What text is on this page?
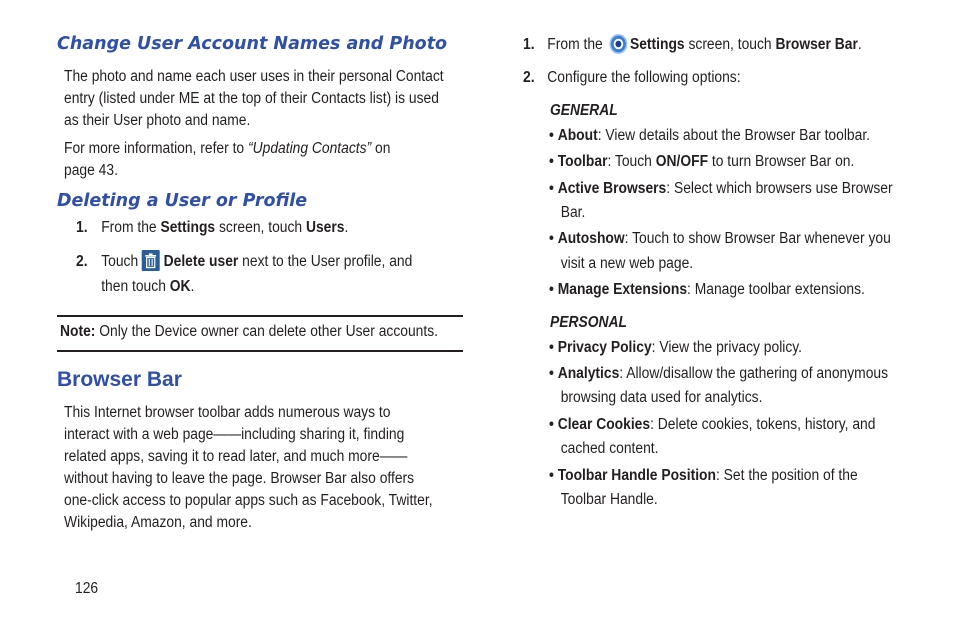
Change User Account Names and Photo
The photo and name each user uses in their personal Contact
entry (listed under ME at the top of their Contacts list) is used
as their User photo and name.
For more information, refer to “Updating Contacts” on
page 43.
Deleting a User or Profile
1. From the Settings screen, touch Users.
2. Touch Delete user next to the User profile, and
then touch OK.
Note: Only the Device owner can delete other User accounts.
Browser Bar
This Internet browser toolbar adds numerous ways to
interact with a web page——including sharing it, finding
related apps, saving it to read later, and much more——
without having to leave the page. Browser Bar also offers
one-click access to popular apps such as Facebook, Twitter,
Wikipedia, Amazon, and more.
126
1. From the Settings screen, touch Browser Bar.
2. Configure the following options:
GENERAL
• About: View details about the Browser Bar toolbar.
• Toolbar: Touch ON/OFF to turn Browser Bar on.
• Active Browsers: Select which browsers use Browser
Bar.
• Autoshow: Touch to show Browser Bar whenever you
visit a new web page.
• Manage Extensions: Manage toolbar extensions.
PERSONAL
• Privacy Policy: View the privacy policy.
• Analytics: Allow/disallow the gathering of anonymous
browsing data used for analytics.
• Clear Cookies: Delete cookies, tokens, history, and
cached content.
• Toolbar Handle Position: Set the position of the
Toolbar Handle.
